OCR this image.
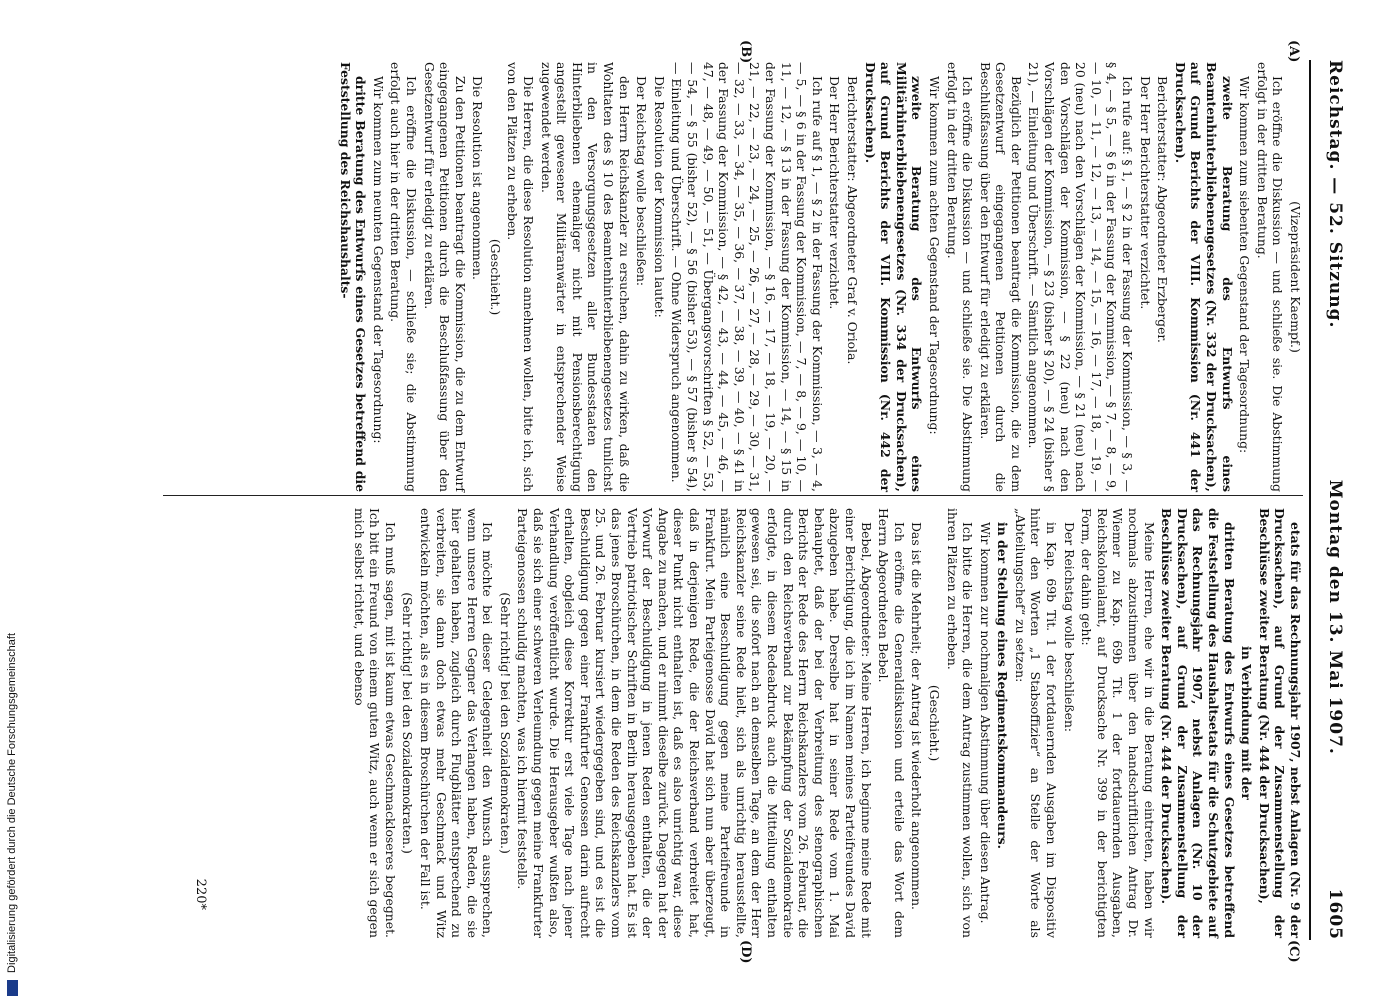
Reichstag. — 52. Sitzung.
Montag den 13. Mai 1907.  1605
(A)
(B)
(C)
(D)

(Vizepräsident Kaempf.)

Ich eröffne die Diskussion — und schließe sie. Die Abstimmung erfolgt in der dritten Beratung.

Wir kommen zum siebenten Gegenstand der Tagesordnung:

zweite Beratung des Entwurfs eines Beamtenhinterbliebenengesetzes (Nr. 332 der Drucksachen), auf Grund Berichts der VIII. Kommission (Nr. 441 der Drucksachen).

Berichterstatter: Abgeordneter Erzberger.

Der Herr Berichterstatter verzichtet.

Ich rufe auf: § 1, — § 2 in der Fassung der Kommission, — § 3, — § 4, — § 5, — § 6 in der Fassung der Kommission, — § 7, — 8, — 9, — 10, — 11, — 12, — 13, — 14, — 15, — 16, — 17, — 18, — 19, — 20 (neu) nach den Vorschlägen der Kommission, — § 21 (neu) nach den Vorschlägen der Kommission, — § 22 (neu) nach den Vorschlägen der Kommission, — § 23 (bisher § 20), — § 24 (bisher § 21), — Einleitung und Überschrift. — Sämtlich angenommen.

Bezüglich der Petitionen beantragt die Kommission, die zu dem Gesetzentwurf eingegangenen Petitionen durch die Beschlußfassung über den Entwurf für erledigt zu erklären.

Ich eröffne die Diskussion — und schließe sie. Die Abstimmung erfolgt in der dritten Beratung.

Wir kommen zum achten Gegenstand der Tagesordnung:

zweite Beratung des Entwurfs eines Militärhinterbliebenengesetzes (Nr. 334 der Drucksachen), auf Grund Berichts der VIII. Kommission (Nr. 442 der Drucksachen).

Berichterstatter: Abgeordneter Graf v. Oriola.

Der Herr Berichterstatter verzichtet.

Ich rufe auf § 1, — § 2 in der Fassung der Kommission, — 3, — 4, — 5, — § 6 in der Fassung der Kommission, — 7, — 8, — 9, — 10, — 11, — 12, — § 13 in der Fassung der Kommission, — 14, — § 15 in der Fassung der Kommission, — § 16, — 17, — 18, — 19, — 20, — 21, — 22, — 23, — 24, — 25, — 26, — 27, — 28, — 29, — 30, — 31, — 32, — 33, — 34, — 35, — 36, — 37, — 38, — 39, — 40, — § 41 in der Fassung der Kommission, — § 42, — 43, — 44, — 45, — 46, — 47, — 48, — 49, — 50, — 51, — Übergangsvorschriften § 52, — 53, — 54, — § 55 (bisher 52), — § 56 (bisher 53), — § 57 (bisher § 54), — Einleitung und Überschrift. — Ohne Widerspruch angenommen.

Die Resolution der Kommission lautet:

Der Reichstag wolle beschließen:

den Herrn Reichskanzler zu ersuchen, dahin zu wirken, daß die Wohltaten des § 10 des Beamtenhinterbliebenengesetzes tunlichst in den Versorgungsgesetzen aller Bundesstaaten den Hinterbliebenen ehemaliger nicht mit Pensionsberechtigung angestellt gewesener Militäranwärter in entsprechender Weise zugewendet werden.

Die Herren, die diese Resolution annehmen wollen, bitte ich, sich von den Plätzen zu erheben.

(Geschieht.)

Die Resolution ist angenommen.

Zu den Petitionen beantragt die Kommission, die zu dem Entwurf eingegangenen Petitionen durch die Beschlußfassung über den Gesetzentwurf für erledigt zu erklären.

Ich eröffne die Diskussion, — schließe sie; die Abstimmung erfolgt auch hier in der dritten Beratung.

Wir kommen zum neunten Gegenstand der Tagesordnung:

dritte Beratung des Entwurfs eines Gesetzes betreffend die Feststellung des Reichshaushalts-

etats für das Rechnungsjahr 1907, nebst Anlagen (Nr. 9 der Drucksachen), auf Grund der Zusammenstellung der Beschlüsse zweiter Beratung (Nr. 444 der Drucksachen),

in Verbindung mit der

dritten Beratung des Entwurfs eines Gesetzes betreffend die Feststellung des Haushaltsetats für die Schutzgebiete auf das Rechnungsjahr 1907, nebst Anlagen (Nr. 10 der Drucksachen), auf Grund der Zusammenstellung der Beschlüsse zweiter Beratung (Nr. 444 der Drucksachen).

Meine Herren, ehe wir in die Beratung eintreten, haben wir nochmals abzustimmen über den handschriftlichen Antrag Dr. Wiemer zu Kap. 69b Tit. 1 der fortdauernden Ausgaben, Reichskolonialamt, auf Drucksache Nr. 399 in der berichtigten Form, der dahin geht:

Der Reichstag wolle beschließen:

in Kap. 69b Tit. 1 der fortdauernden Ausgaben im Dispositiv hinter den Worten „1 Stabsoffizier“ an Stelle der Worte als „Abteilungschef“ zu setzen:

in der Stellung eines Regimentskommandeurs.

Wir kommen zur nochmaligen Abstimmung über diesen Antrag.

Ich bitte die Herren, die dem Antrag zustimmen wollen, sich von ihren Plätzen zu erheben.

(Geschieht.)

Das ist die Mehrheit; der Antrag ist wiederholt angenommen.

Ich eröffne die Generaldiskussion und erteile das Wort dem Herrn Abgeordneten Bebel.

Bebel, Abgeordneter: Meine Herren, ich beginne meine Rede mit einer Berichtigung, die ich im Namen meines Parteifreundes David abzugeben habe. Derselbe hat in seiner Rede vom 1. Mai behauptet, daß der bei der Verbreitung des stenographischen Berichts der Rede des Herrn Reichskanzlers vom 26. Februar, die durch den Reichsverband zur Bekämpfung der Sozialdemokratie erfolgte, in diesem Redeabdruck auch die Mitteilung enthalten gewesen sei, die sofort nach an demselben Tage, an dem der Herr Reichskanzler seine Rede hielt, sich als unrichtig herausstellte, nämlich eine Beschuldigung gegen meine Parteifreunde in Frankfurt. Mein Parteigenosse David hat sich nun aber überzeugt, daß in derjenigen Rede, die der Reichsverband verbreitet hat, dieser Punkt nicht enthalten ist, daß es also unrichtig war, diese Angabe zu machen, und er nimmt dieselbe zurück. Dagegen hat der Vorwurf der Beschuldigung in jenen Reden enthalten, die der Vertrieb patriotischer Schriften in Berlin herausgegeben hat. Es ist das jenes Broschürchen, in dem die Reden des Reichskanzlers vom 25. und 26. Februar kursiert wiedergegeben sind, und es ist die Beschuldigung gegen einer Frankfurter Genossen darin aufrecht erhalten, obgleich diese Korrektur erst viele Tage nach jener Verhandlung veröffentlicht wurde. Die Herausgeber wußten also, daß sie sich einer schweren Verleumdung gegen meine Frankfurter Parteigenossen schuldig machten, was ich hiermit feststelle.

(Sehr richtig! bei den Sozialdemokraten.)

Ich möchte bei dieser Gelegenheit den Wunsch aussprechen, wenn unsere Herren Gegner das Verlangen haben, Reden, die sie hier gehalten haben, zugleich durch Flugblätter entsprechend zu verbreiten, sie dann doch etwas mehr Geschmack und Witz entwickeln möchten, als es in diesem Broschürchen der Fall ist.

(Sehr richtig! bei den Sozialdemokraten.)

Ich muß sagen, mit ist kaum etwas Geschmackloseres begegnet. Ich bitt ein Freund von einem guten Witz, auch wenn er sich gegen mich selbst richtet, und ebenso

220*
Digitalisierung gefördert durch die Deutsche Forschungsgemeinschaft
